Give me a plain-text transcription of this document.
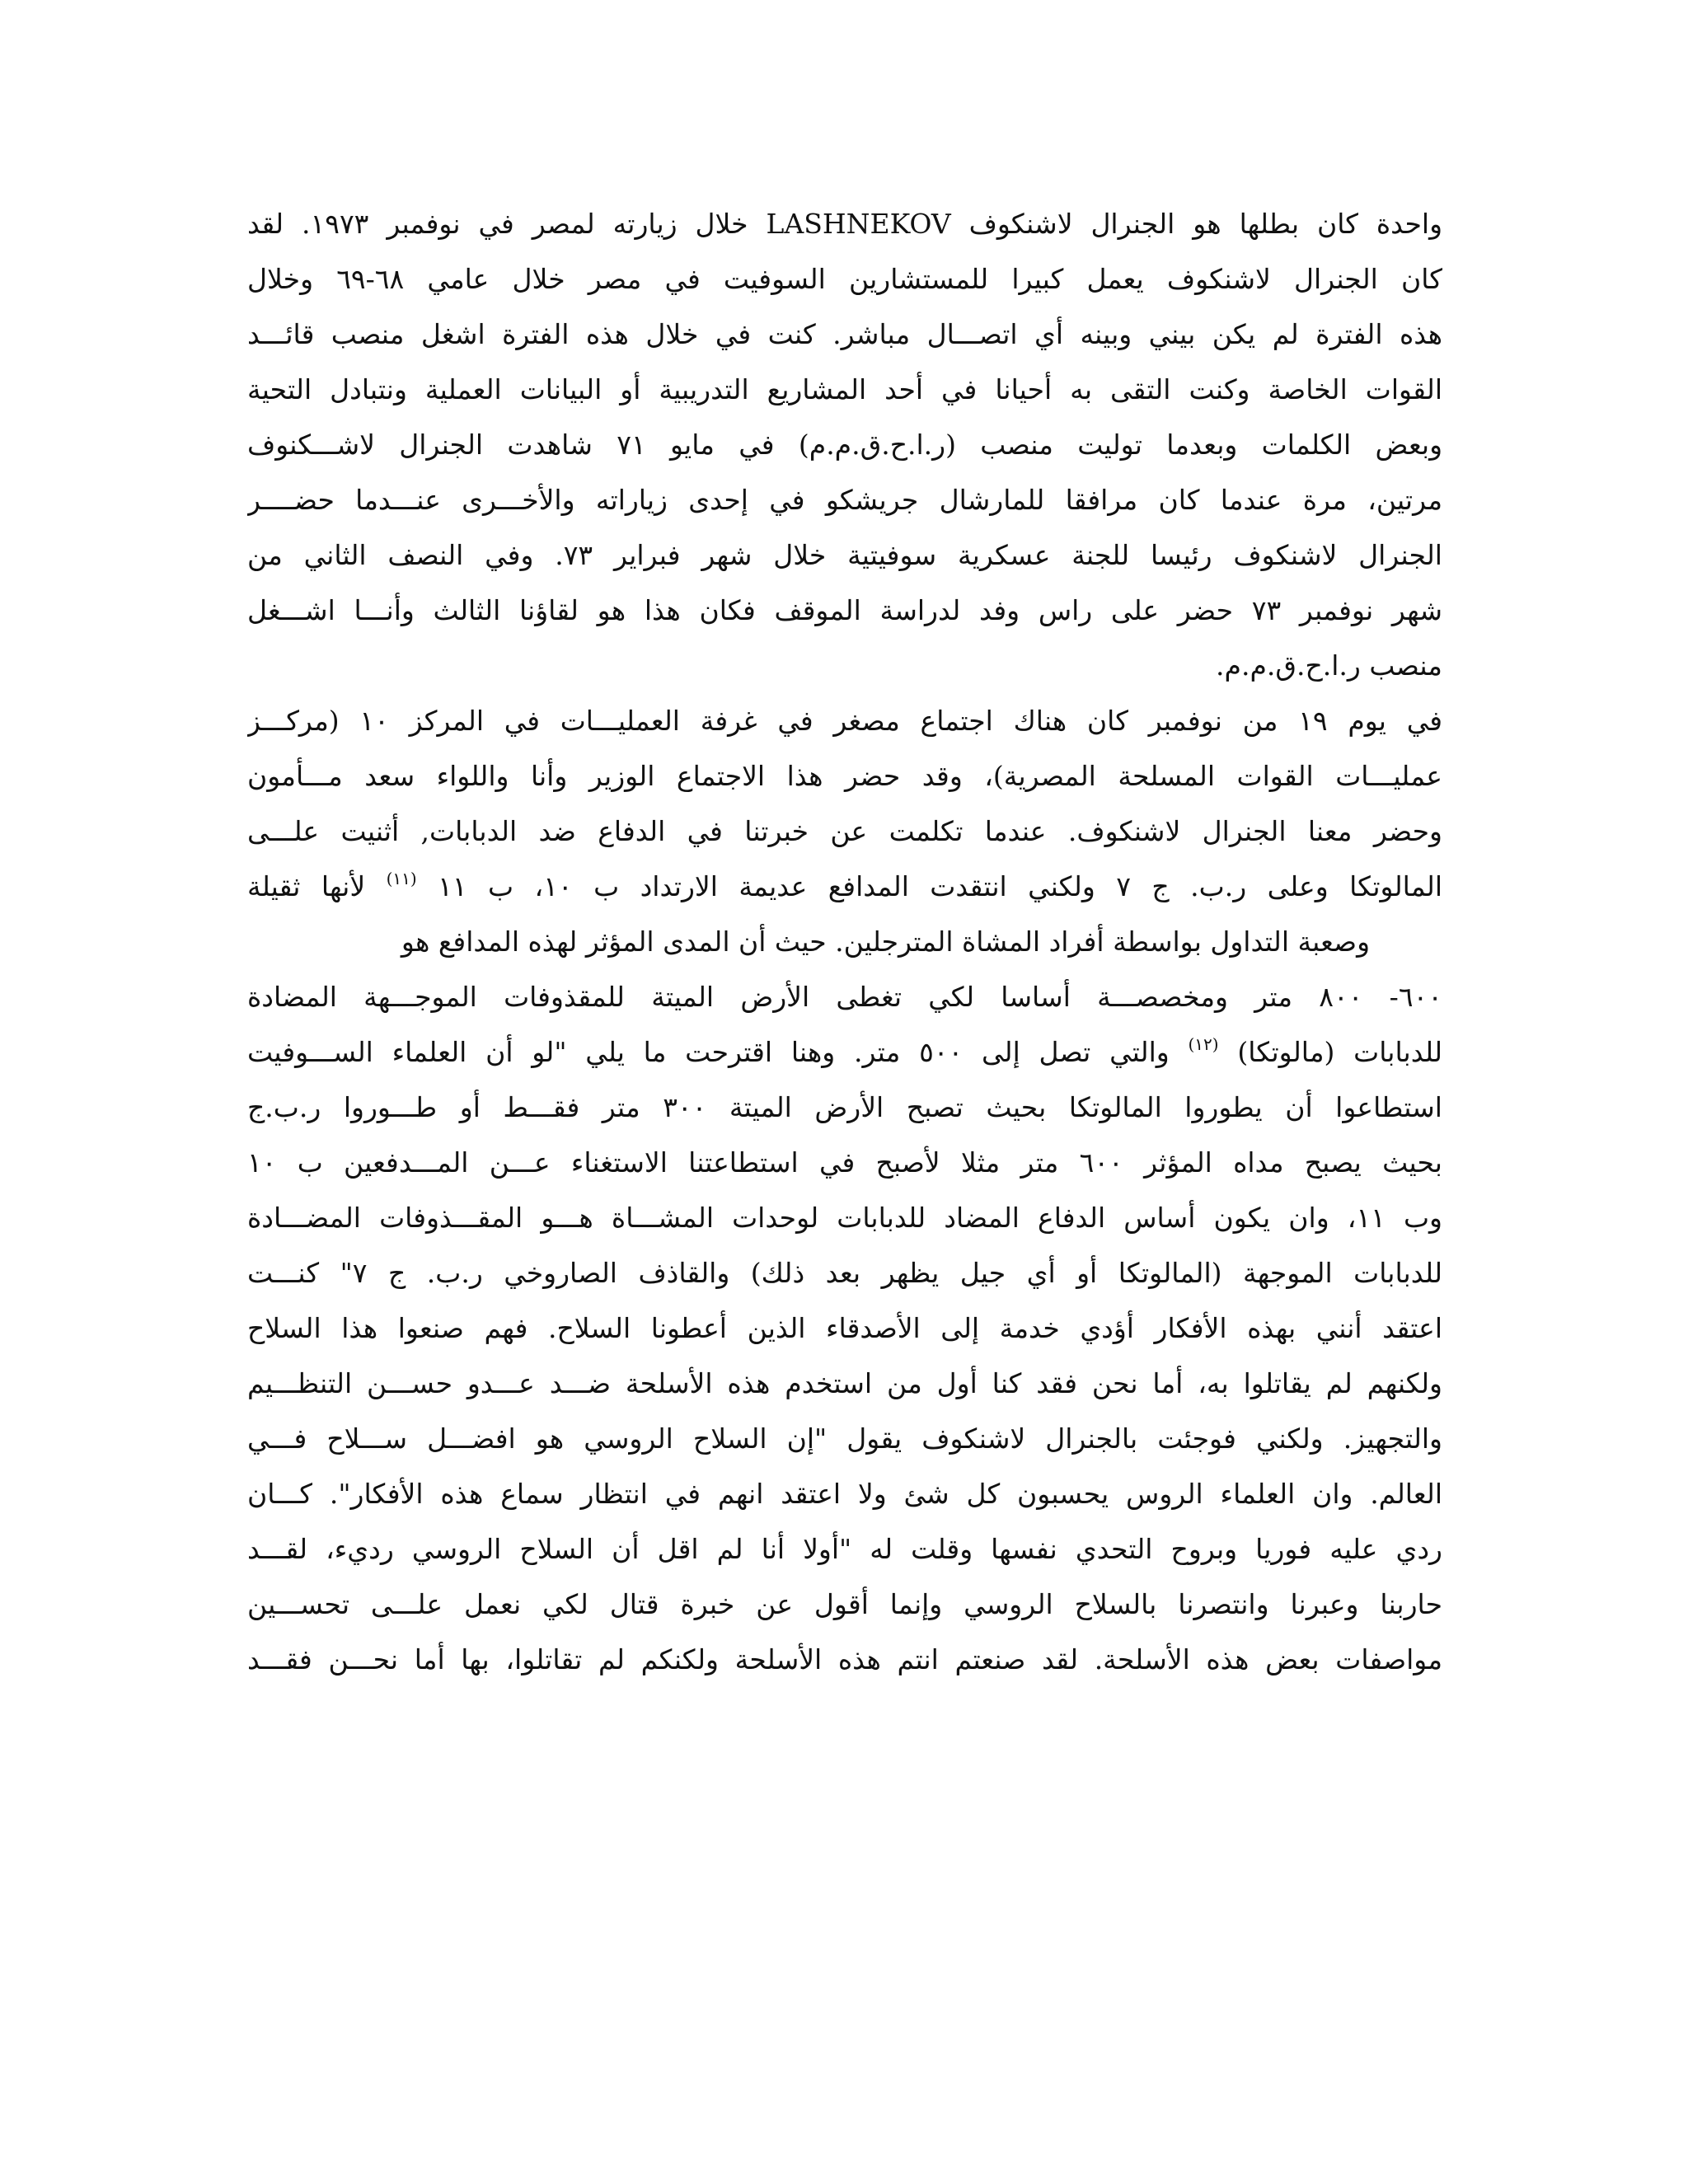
واحدة كان بطلها هو الجنرال لاشنكوف LASHNEKOV خلال زيارته لمصر في نوفمبر ١٩٧٣. لقد
كان الجنرال لاشنكوف يعمل كبيرا للمستشارين السوفيت في مصر خلال عامي ٦٨-٦٩ وخلال
هذه الفترة لم يكن بيني وبينه أي اتصـــال مباشر. كنت في خلال هذه الفترة اشغل منصب قائـــد
القوات الخاصة وكنت التقى به أحيانا في أحد المشاريع التدريبية أو البيانات العملية ونتبادل التحية
وبعض الكلمات وبعدما توليت منصب (ر.ا.ح.ق.م.م) في مايو ٧١ شاهدت الجنرال لاشـــكنوف
مرتين، مرة عندما كان مرافقا للمارشال جريشكو في إحدى زياراته والأخـــرى عنـــدما حضــــر
الجنرال لاشنكوف رئيسا للجنة عسكرية سوفيتية خلال شهر فبراير ٧٣. وفي النصف الثاني من
شهر نوفمبر ٧٣ حضر على راس وفد لدراسة الموقف فكان هذا هو لقاؤنا الثالث وأنـــا اشـــغل
منصب ر.ا.ح.ق.م.م.
في يوم ١٩ من نوفمبر كان هناك اجتماع مصغر في غرفة العمليـــات في المركز ١٠ (مركـــز
عمليـــات القوات المسلحة المصرية)، وقد حضر هذا الاجتماع الوزير وأنا واللواء سعد مـــأمون
وحضر معنا الجنرال لاشنكوف. عندما تكلمت عن خبرتنا في الدفاع ضد الدبابات, أثنيت علـــى
المالوتكا وعلى ر.ب. ج ٧ ولكني انتقدت المدافع عديمة الارتداد ب ١٠، ب ١١ $^{(١١)}$ لأنها ثقيلة
وصعبة التداول بواسطة أفراد المشاة المترجلين. حيث أن المدى المؤثر لهذه المدافع هو
٦٠٠- ٨٠٠ متر ومخصصـــة أساسا لكي تغطى الأرض الميتة للمقذوفات الموجـــهة المضادة
للدبابات (مالوتكا) $^{(١٢)}$ والتي تصل إلى ٥٠٠ متر. وهنا اقترحت ما يلي "لو أن العلماء الســـوفيت
استطاعوا أن يطوروا المالوتكا بحيث تصبح الأرض الميتة ٣٠٠ متر فقـــط أو طـــوروا ر.ب.ج
بحيث يصبح مداه المؤثر ٦٠٠ متر مثلا لأصبح في استطاعتنا الاستغناء عـــن المـــدفعين ب ١٠
وب ١١، وان يكون أساس الدفاع المضاد للدبابات لوحدات المشـــاة هـــو المقـــذوفات المضـــادة
للدبابات الموجهة (المالوتكا أو أي جيل يظهر بعد ذلك) والقاذف الصاروخي ر.ب. ج ٧" كنـــت
اعتقد أنني بهذه الأفكار أؤدي خدمة إلى الأصدقاء الذين أعطونا السلاح. فهم صنعوا هذا السلاح
ولكنهم لم يقاتلوا به، أما نحن فقد كنا أول من استخدم هذه الأسلحة ضـــد عـــدو حســـن التنظـــيم
والتجهيز. ولكني فوجئت بالجنرال لاشنكوف يقول "إن السلاح الروسي هو افضـــل ســـلاح فـــي
العالم. وان العلماء الروس يحسبون كل شئ ولا اعتقد انهم في انتظار سماع هذه الأفكار". كـــان
ردي عليه فوريا وبروح التحدي نفسها وقلت له "أولا أنا لم اقل أن السلاح الروسي رديء، لقـــد
حاربنا وعبرنا وانتصرنا بالسلاح الروسي وإنما أقول عن خبرة قتال لكي نعمل علـــى تحســـين
مواصفات بعض هذه الأسلحة. لقد صنعتم انتم هذه الأسلحة ولكنكم لم تقاتلوا، بها أما نحـــن فقـــد
